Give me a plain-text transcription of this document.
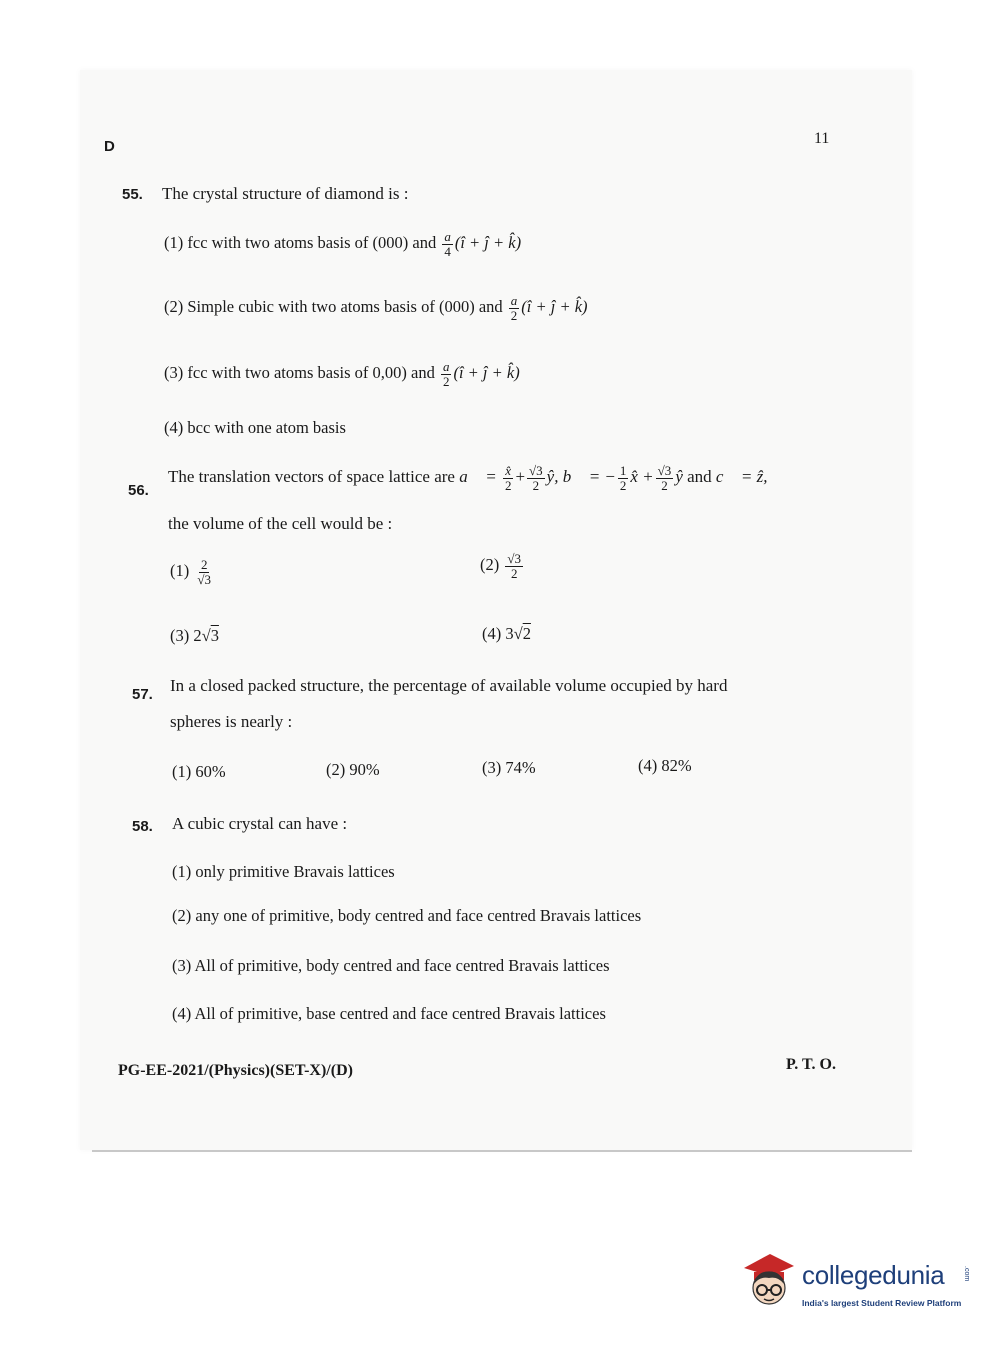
D	11
55. The crystal structure of diamond is :
(1) fcc with two atoms basis of (000) and $\frac{a}{4}$ (î + ĵ + k̂)
(2) Simple cubic with two atoms basis of (000) and $\frac{a}{2}$ (î + ĵ + k̂)
(3) fcc with two atoms basis of 0,00) and $\frac{a}{2}$ (î + ĵ + k̂)
(4) bcc with one atom basis
56.
The translation vectors of space lattice are a⃗ = $\frac{x̂}{2} + \frac{√3}{2}$ ŷ, b⃗ = − $\frac{1}{2}$ x̂ + $\frac{√3}{2}$ ŷ and c⃗ = ẑ,
the volume of the cell would be :
$(1) \frac{2}{√3}$	$(2) \frac{√3}{2}$
(3) 2√3	(4) 3√2
57. In a closed packed structure, the percentage of available volume occupied by hard
spheres is nearly :
(1) 60%	(2) 90%	(3) 74%	(4) 82%
58. A cubic crystal can have :
(1) only primitive Bravais lattices
(2) any one of primitive, body centred and face centred Bravais lattices
(3) All of primitive, body centred and face centred Bravais lattices
(4) All of primitive, base centred and face centred Bravais lattices
PG-EE-2021/(Physics)(SET-X)/(D)	P. T. O.
collegedunia	.com
India's largest Student Review Platform
